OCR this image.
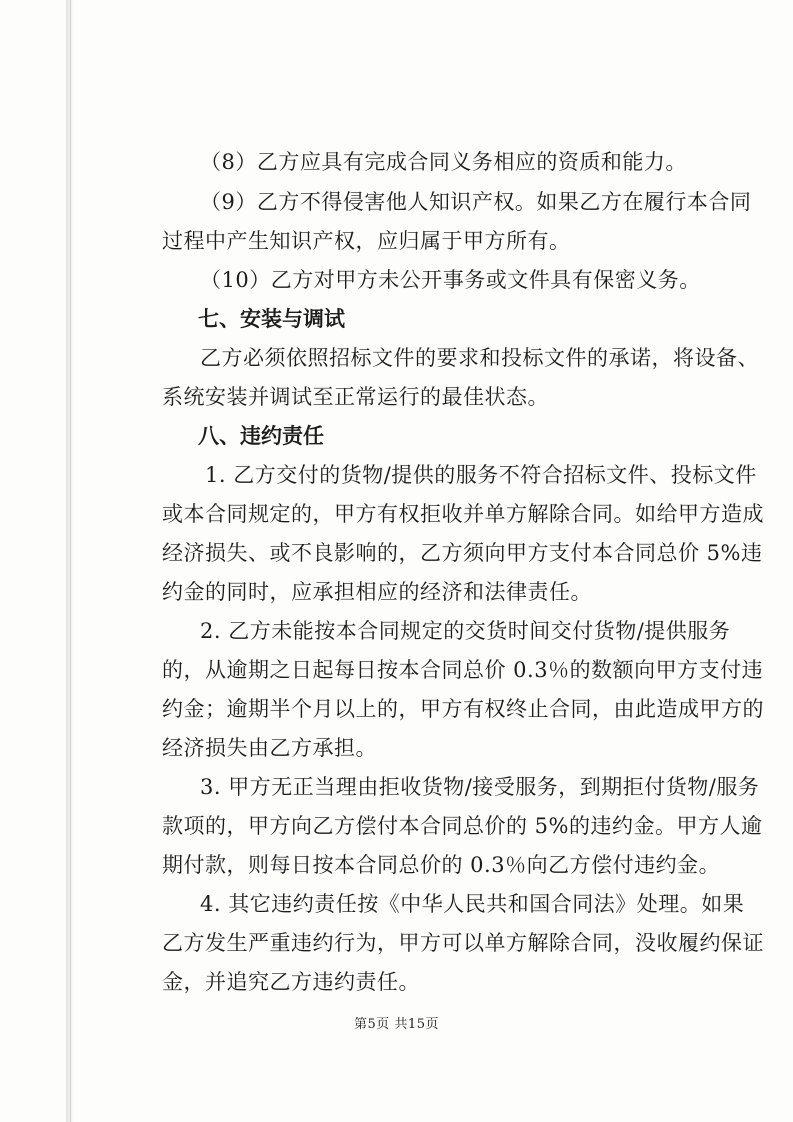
（8）乙方应具有完成合同义务相应的资质和能力。
（9）乙方不得侵害他人知识产权。如果乙方在履行本合同
过程中产生知识产权，应归属于甲方所有。
（10）乙方对甲方未公开事务或文件具有保密义务。
七、安装与调试
乙方必须依照招标文件的要求和投标文件的承诺，将设备、
系统安装并调试至正常运行的最佳状态。
八、违约责任
1. 乙方交付的货物/提供的服务不符合招标文件、投标文件
或本合同规定的，甲方有权拒收并单方解除合同。如给甲方造成
经济损失、或不良影响的，乙方须向甲方支付本合同总价 5%违
约金的同时，应承担相应的经济和法律责任。
2. 乙方未能按本合同规定的交货时间交付货物/提供服务
的，从逾期之日起每日按本合同总价 0.3％的数额向甲方支付违
约金；逾期半个月以上的，甲方有权终止合同，由此造成甲方的
经济损失由乙方承担。
3. 甲方无正当理由拒收货物/接受服务，到期拒付货物/服务
款项的，甲方向乙方偿付本合同总价的 5%的违约金。甲方人逾
期付款，则每日按本合同总价的 0.3％向乙方偿付违约金。
4. 其它违约责任按《中华人民共和国合同法》处理。如果
乙方发生严重违约行为，甲方可以单方解除合同，没收履约保证
金，并追究乙方违约责任。
第5页 共15页
